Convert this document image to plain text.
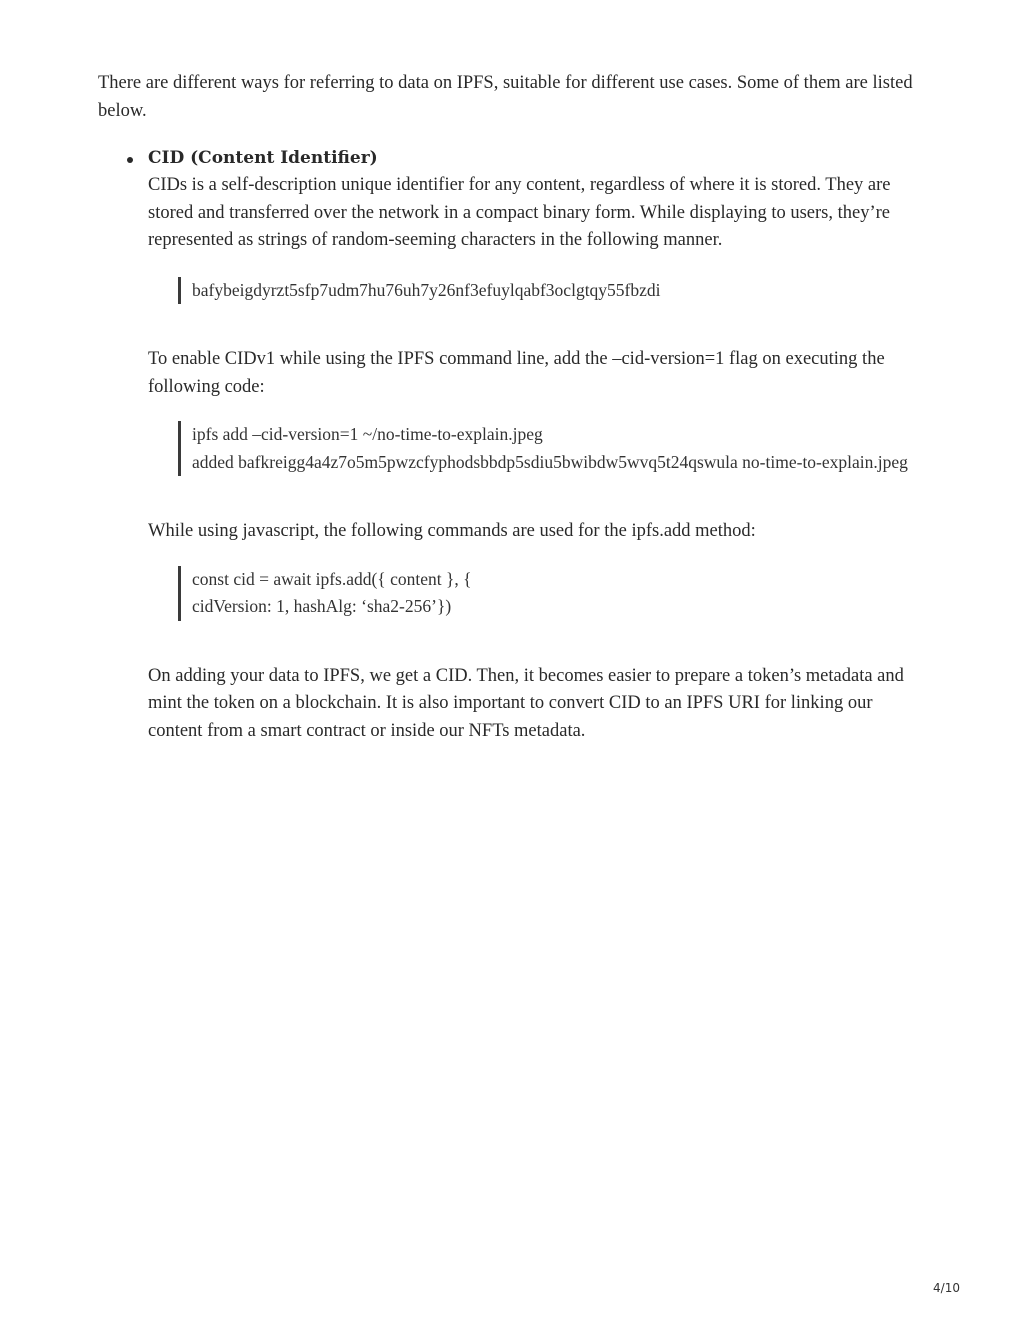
There are different ways for referring to data on IPFS, suitable for different use cases. Some of them are listed below.

CID (Content Identifier)

CIDs is a self-description unique identifier for any content, regardless of where it is stored. They are stored and transferred over the network in a compact binary form. While displaying to users, they’re represented as strings of random-seeming characters in the following manner.

bafybeigdyrzt5sfp7udm7hu76uh7y26nf3efuylqabf3oclgtqy55fbzdi

To enable CIDv1 while using the IPFS command line, add the –cid-version=1 flag on executing the following code:

ipfs add –cid-version=1 ~/no-time-to-explain.jpeg
added bafkreigg4a4z7o5m5pwzcfyphodsbbdp5sdiu5bwibdw5wvq5t24qswula no-time-to-explain.jpeg

While using javascript, the following commands are used for the ipfs.add method:

const cid = await ipfs.add({ content }, {
cidVersion: 1, hashAlg: ‘sha2-256’})

On adding your data to IPFS, we get a CID. Then, it becomes easier to prepare a token’s metadata and mint the token on a blockchain. It is also important to convert CID to an IPFS URI for linking our content from a smart contract or inside our NFTs metadata.

4/10
